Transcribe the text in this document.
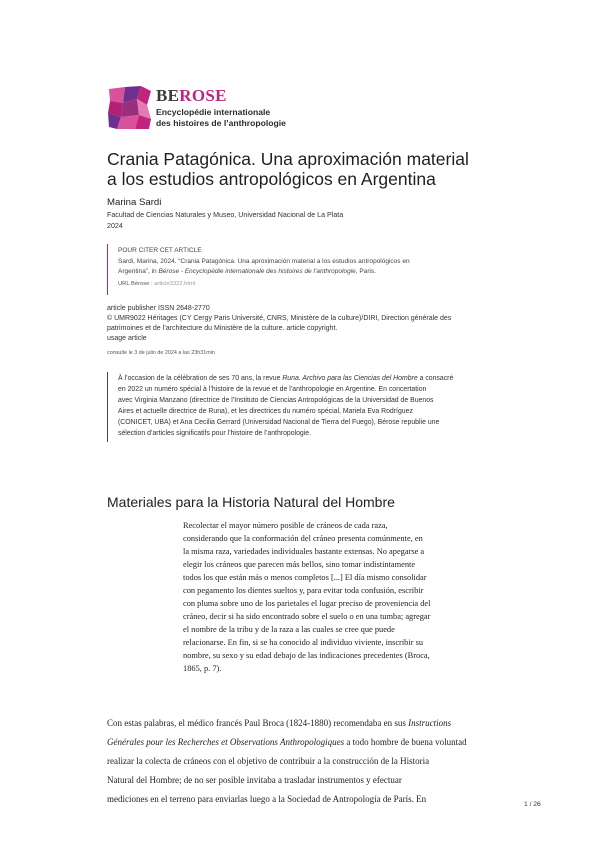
BEROSE
Encyclopédie internationale
des histoires de l’anthropologie
Crania Patagónica. Una aproximación material
a los estudios antropológicos en Argentina
Marina Sardi
Facultad de Ciencias Naturales y Museo, Universidad Nacional de La Plata
2024
POUR CITER CET ARTICLE
Sardi, Marina, 2024. “Crania Patagónica. Una aproximación material a los estudios antropológicos en
Argentina”, in Bérose - Encyclopédie internationale des histoires de l’anthropologie, Paris.
URL Bérose : article3322.html
article publisher ISSN 2648-2770
© UMR9022 Héritages (CY Cergy Paris Université, CNRS, Ministère de la culture)/DIRI, Direction générale des
patrimoines et de l’architecture du Ministère de la culture. article copyright.
usage article
consulte le 3 de julio de 2024 a las 23h31min
À l’occasion de la célébration de ses 70 ans, la revue Runa. Archivo para las Ciencias del Hombre a consacré
en 2022 un numéro spécial à l’histoire de la revue et de l’anthropologie en Argentine. En concertation
avec Virginia Manzano (directrice de l’Instituto de Ciencias Antropológicas de la Universidad de Buenos
Aires et actuelle directrice de Runa), et les directrices du numéro spécial, Mariela Eva Rodríguez
(CONICET, UBA) et Ana Cecilia Gerrard (Universidad Nacional de Tierra del Fuego), Bérose republie une
sélection d’articles significatifs pour l’histoire de l’anthropologie.
Materiales para la Historia Natural del Hombre
Recolectar el mayor número posible de cráneos de cada raza,
considerando que la conformación del cráneo presenta comúnmente, en
la misma raza, variedades individuales bastante extensas. No apegarse a
elegir los cráneos que parecen más bellos, sino tomar indistintamente
todos los que están más o menos completos [...] El día mismo consolidar
con pegamento los dientes sueltos y, para evitar toda confusión, escribir
con pluma sobre uno de los parietales el lugar preciso de proveniencia del
cráneo, decir si ha sido encontrado sobre el suelo o en una tumba; agregar
el nombre de la tribu y de la raza a las cuales se cree que puede
relacionarse. En fin, si se ha conocido al individuo viviente, inscribir su
nombre, su sexo y su edad debajo de las indicaciones precedentes (Broca,
1865, p. 7).
Con estas palabras, el médico francés Paul Broca (1824-1880) recomendaba en sus Instructions
Générales pour les Recherches et Observations Anthropologiques a todo hombre de buena voluntad
realizar la colecta de cráneos con el objetivo de contribuir a la construcción de la Historia
Natural del Hombre; de no ser posible invitaba a trasladar instrumentos y efectuar
mediciones en el terreno para enviarlas luego a la Sociedad de Antropología de París. En
1 / 26
